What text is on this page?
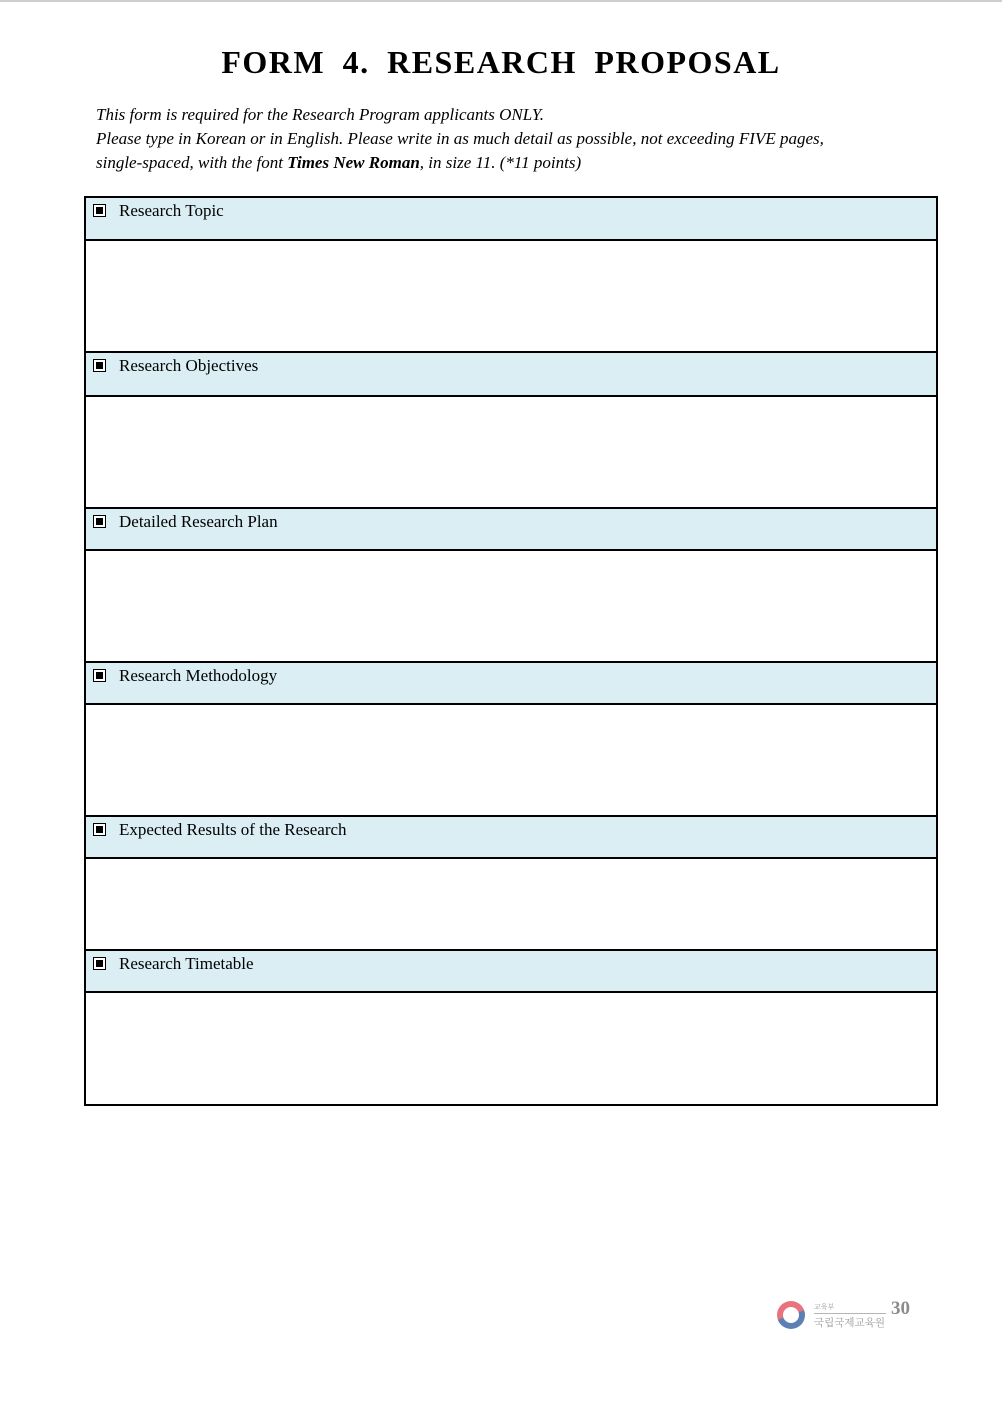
FORM 4. RESEARCH PROPOSAL
This form is required for the Research Program applicants ONLY.
Please type in Korean or in English. Please write in as much detail as possible, not exceeding FIVE pages,
single-spaced, with the font Times New Roman, in size 11. (*11 points)
Research Topic
Research Objectives
Detailed Research Plan
Research Methodology
Expected Results of the Research
Research Timetable
교육부
국립국제교육원
30
